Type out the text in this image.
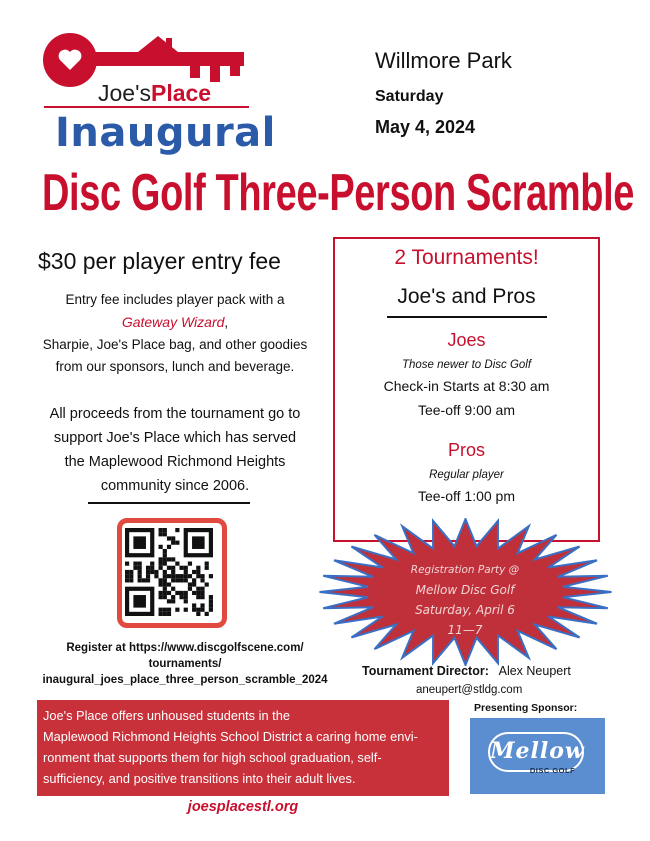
Joe'sPlace
Willmore Park
Saturday
May 4, 2024
Inaugural
Disc Golf Three-Person Scramble
$30 per player entry fee
Entry fee includes player pack with a
Gateway Wizard,
Sharpie, Joe's Place bag, and other goodies
from our sponsors, lunch and beverage.
All proceeds from the tournament go to
support Joe's Place which has served
the Maplewood Richmond Heights
community since 2006.
Register at https://www.discgolfscene.com/
tournaments/
inaugural_joes_place_three_person_scramble_2024
2 Tournaments!
Joe's and Pros
Joes
Those newer to Disc Golf
Check-in Starts at 8:30 am
Tee-off 9:00 am
Pros
Regular player
Tee-off 1:00 pm
Registration Party @
Mellow Disc Golf
Saturday, April 6
11—7
Tournament Director: Alex Neupert
aneupert@stldg.com
Joe's Place offers unhoused students in the
Maplewood Richmond Heights School District a caring home envi-
ronment that supports them for high school graduation, self-
sufficiency, and positive transitions into their adult lives.
joesplacestl.org
Presenting Sponsor:
Mellow
DISC GOLF
